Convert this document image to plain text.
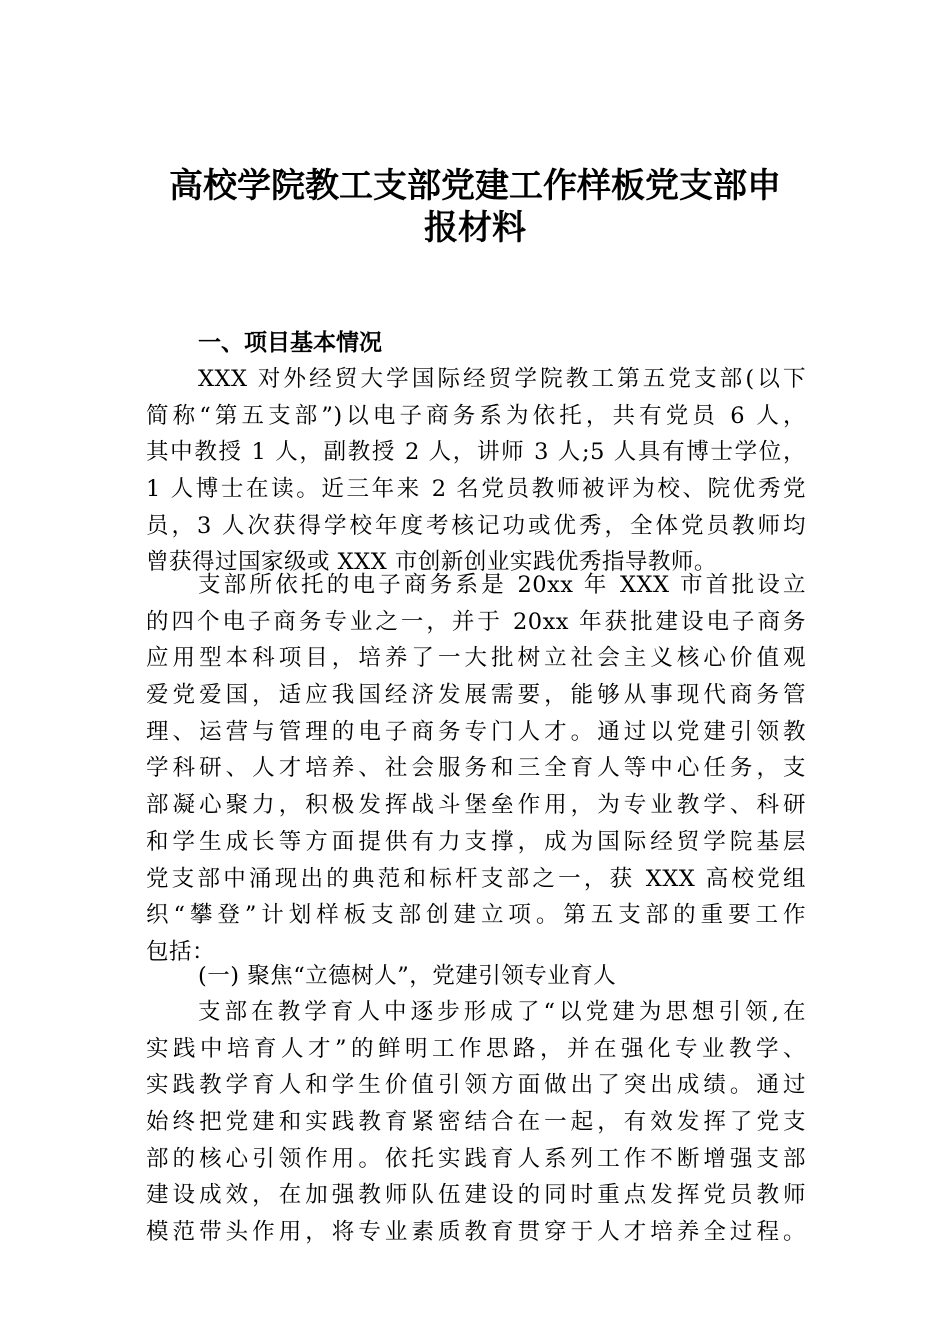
高校学院教工支部党建工作样板党支部申
报材料
一、项目基本情况
XXX 对外经贸大学国际经贸学院教工第五党支部(以下
简称“第五支部”)以电子商务系为依托，共有党员 6 人，
其中教授 1 人，副教授 2 人，讲师 3 人;5 人具有博士学位，
1 人博士在读。近三年来 2 名党员教师被评为校、院优秀党
员，3 人次获得学校年度考核记功或优秀，全体党员教师均
曾获得过国家级或 XXX 市创新创业实践优秀指导教师。
支部所依托的电子商务系是 20xx 年 XXX 市首批设立
的四个电子商务专业之一，并于 20xx 年获批建设电子商务
应用型本科项目，培养了一大批树立社会主义核心价值观
爱党爱国，适应我国经济发展需要，能够从事现代商务管
理、运营与管理的电子商务专门人才。通过以党建引领教
学科研、人才培养、社会服务和三全育人等中心任务，支
部凝心聚力，积极发挥战斗堡垒作用，为专业教学、科研
和学生成长等方面提供有力支撑，成为国际经贸学院基层
党支部中涌现出的典范和标杆支部之一，获 XXX 高校党组
织“攀登”计划样板支部创建立项。第五支部的重要工作
包括：
(一) 聚焦“立德树人”，党建引领专业育人
支部在教学育人中逐步形成了“以党建为思想引领,在
实践中培育人才”的鲜明工作思路，并在强化专业教学、
实践教学育人和学生价值引领方面做出了突出成绩。通过
始终把党建和实践教育紧密结合在一起，有效发挥了党支
部的核心引领作用。依托实践育人系列工作不断增强支部
建设成效，在加强教师队伍建设的同时重点发挥党员教师
模范带头作用，将专业素质教育贯穿于人才培养全过程。
